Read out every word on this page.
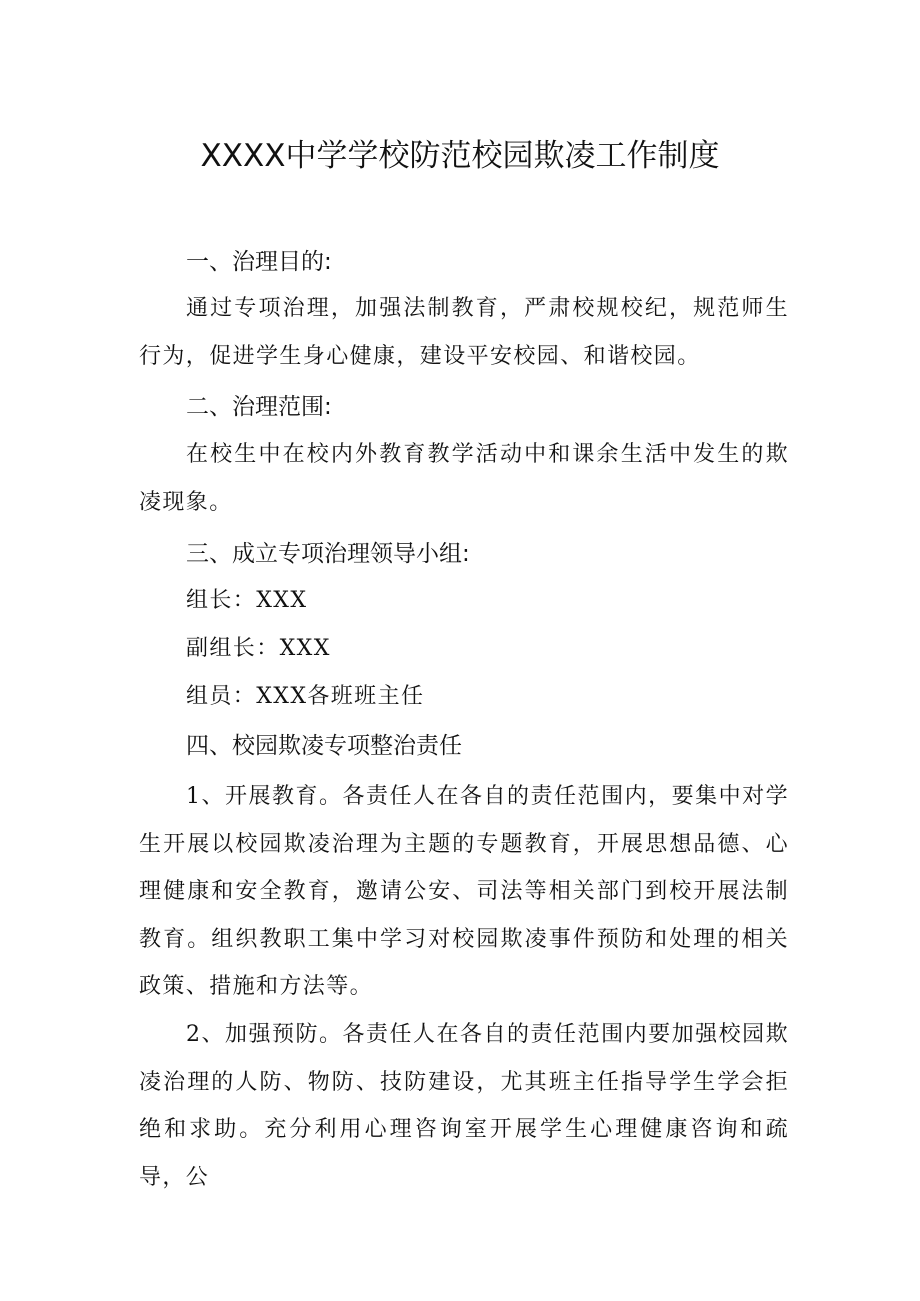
XXXX中学学校防范校园欺凌工作制度
一、治理目的:

通过专项治理，加强法制教育，严肃校规校纪，规范师生行为，促进学生身心健康，建设平安校园、和谐校园。

二、治理范围:

在校生中在校内外教育教学活动中和课余生活中发生的欺凌现象。

三、成立专项治理领导小组:

组长：XXX

副组长：XXX

组员：XXX各班班主任

四、校园欺凌专项整治责任

1、开展教育。各责任人在各自的责任范围内，要集中对学生开展以校园欺凌治理为主题的专题教育，开展思想品德、心理健康和安全教育，邀请公安、司法等相关部门到校开展法制教育。组织教职工集中学习对校园欺凌事件预防和处理的相关政策、措施和方法等。

2、加强预防。各责任人在各自的责任范围内要加强校园欺凌治理的人防、物防、技防建设，尤其班主任指导学生学会拒绝和求助。充分利用心理咨询室开展学生心理健康咨询和疏导，公
